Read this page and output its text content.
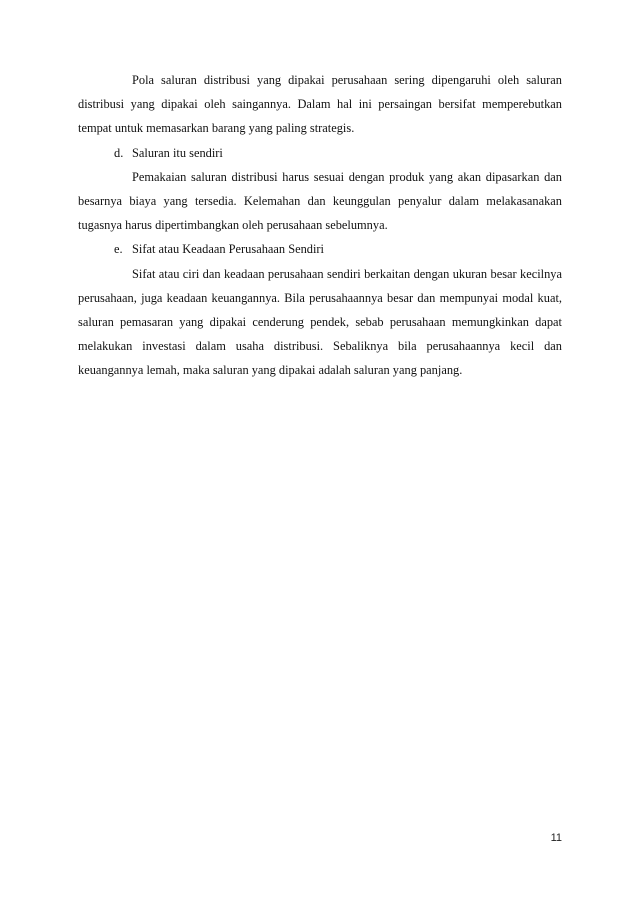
Pola saluran distribusi yang dipakai perusahaan sering dipengaruhi oleh saluran distribusi yang dipakai oleh saingannya. Dalam hal ini persaingan bersifat memperebutkan tempat untuk memasarkan barang yang paling strategis.

d. Saluran itu sendiri

Pemakaian saluran distribusi harus sesuai dengan produk yang akan dipasarkan dan besarnya biaya yang tersedia. Kelemahan dan keunggulan penyalur dalam melakasanakan tugasnya harus dipertimbangkan oleh perusahaan sebelumnya.

e. Sifat atau Keadaan Perusahaan Sendiri

Sifat atau ciri dan keadaan perusahaan sendiri berkaitan dengan ukuran besar kecilnya perusahaan, juga keadaan keuangannya. Bila perusahaannya besar dan mempunyai modal kuat, saluran pemasaran yang dipakai cenderung pendek, sebab perusahaan memungkinkan dapat melakukan investasi dalam usaha distribusi. Sebaliknya bila perusahaannya kecil dan keuangannya lemah, maka saluran yang dipakai adalah saluran yang panjang.

11
